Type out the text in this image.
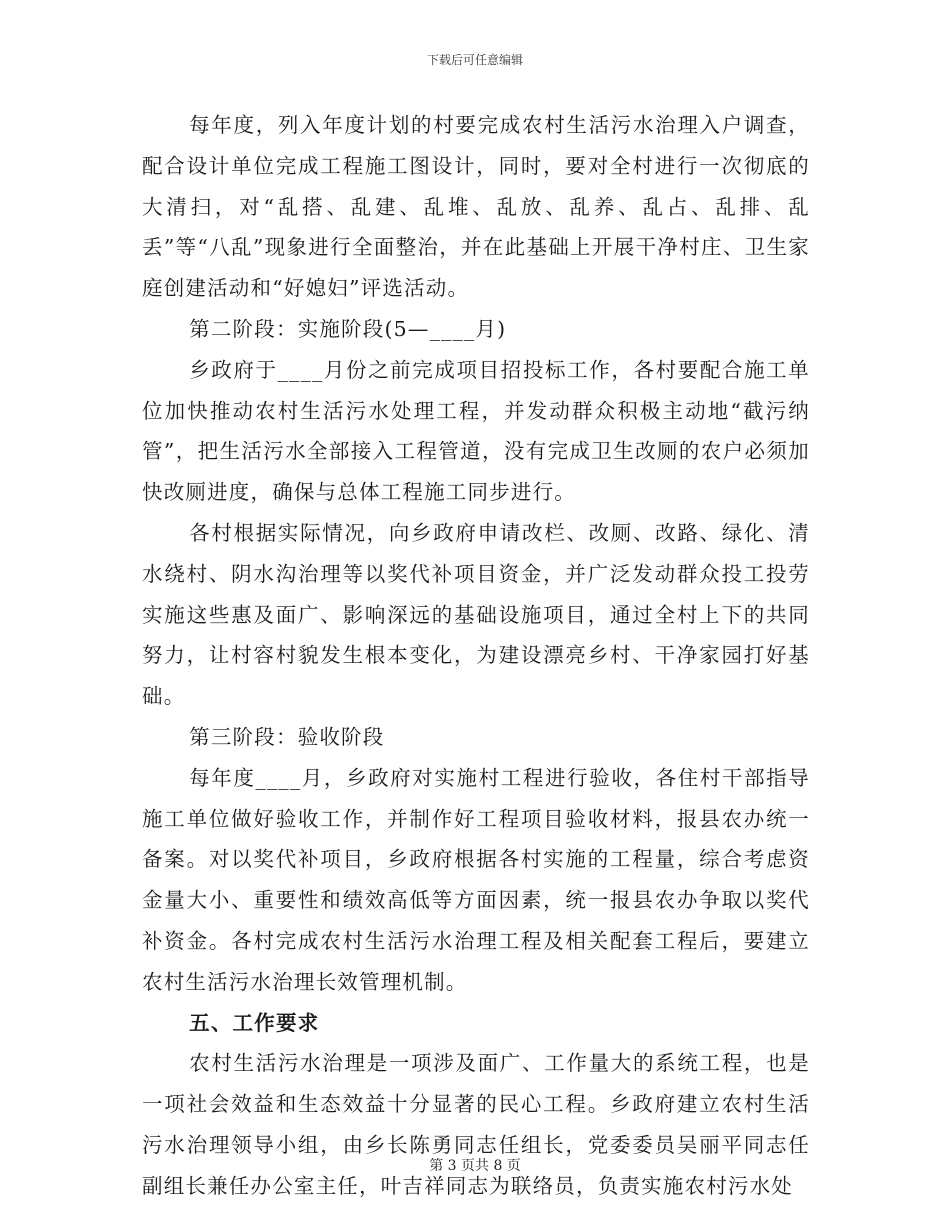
下载后可任意编辑

每年度，列入年度计划的村要完成农村生活污水治理入户调查，配合设计单位完成工程施工图设计，同时，要对全村进行一次彻底的大清扫，对“乱搭、乱建、乱堆、乱放、乱养、乱占、乱排、乱丢”等“八乱”现象进行全面整治，并在此基础上开展干净村庄、卫生家庭创建活动和“好媳妇”评选活动。

第二阶段：实施阶段(5—____月)

乡政府于____月份之前完成项目招投标工作，各村要配合施工单位加快推动农村生活污水处理工程，并发动群众积极主动地“截污纳管”，把生活污水全部接入工程管道，没有完成卫生改厕的农户必须加快改厕进度，确保与总体工程施工同步进行。

各村根据实际情况，向乡政府申请改栏、改厕、改路、绿化、清水绕村、阴水沟治理等以奖代补项目资金，并广泛发动群众投工投劳实施这些惠及面广、影响深远的基础设施项目，通过全村上下的共同努力，让村容村貌发生根本变化，为建设漂亮乡村、干净家园打好基础。

第三阶段：验收阶段

每年度____月，乡政府对实施村工程进行验收，各住村干部指导施工单位做好验收工作，并制作好工程项目验收材料，报县农办统一备案。对以奖代补项目，乡政府根据各村实施的工程量，综合考虑资金量大小、重要性和绩效高低等方面因素，统一报县农办争取以奖代补资金。各村完成农村生活污水治理工程及相关配套工程后，要建立农村生活污水治理长效管理机制。

五、工作要求

农村生活污水治理是一项涉及面广、工作量大的系统工程，也是一项社会效益和生态效益十分显著的民心工程。乡政府建立农村生活污水治理领导小组，由乡长陈勇同志任组长，党委委员吴丽平同志任副组长兼任办公室主任，叶吉祥同志为联络员，负责实施农村污水处

第 3 页共 8 页
